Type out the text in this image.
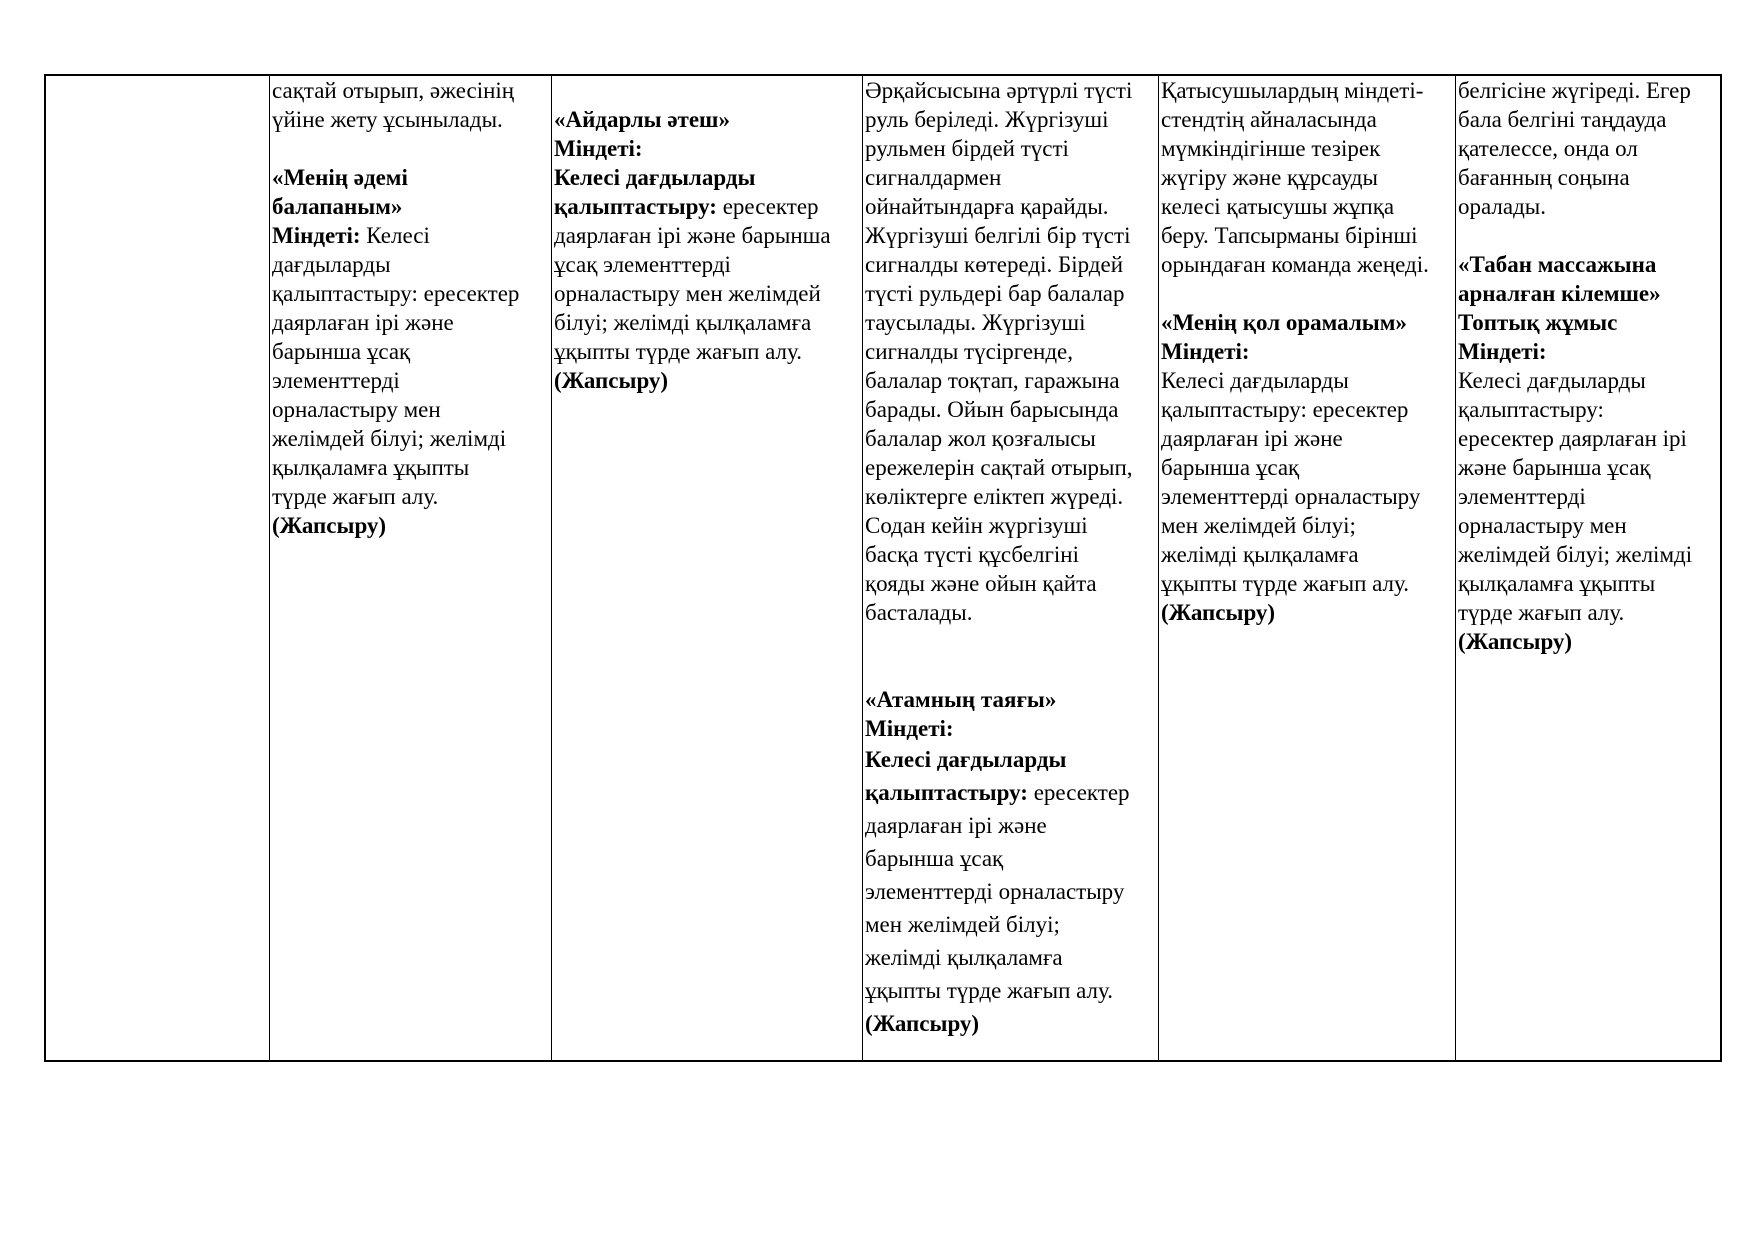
сақтай отырып, әжесінің
үйіне жету ұсынылады.

«Менің әдемі
балапаным»

Міндеті: Келесі
дағдыларды
қалыптастыру: ересектер
даярлаған ірі және
барынша ұсақ
элементтерді
орналастыру мен
желімдей білуі; желімді
қылқаламға ұқыпты
түрде жағып алу.

(Жапсыру)

«Айдарлы әтеш»

Міндеті:

Келесі дағдыларды
қалыптастыру: ересектер
даярлаған ірі және барынша
ұсақ элементтерді
орналастыру мен желімдей
білуі; желімді қылқаламға
ұқыпты түрде жағып алу.

(Жапсыру)

Әрқайсысына әртүрлі түсті
руль беріледі. Жүргізуші
рульмен бірдей түсті
сигналдармен
ойнайтындарға қарайды.
Жүргізуші белгілі бір түсті
сигналды көтереді. Бірдей
түсті рульдері бар балалар
таусылады. Жүргізуші
сигналды түсіргенде,
балалар тоқтап, гаражына
барады. Ойын барысында
балалар жол қозғалысы
ережелерін сақтай отырып,
көліктерге еліктеп жүреді.
Содан кейін жүргізуші
басқа түсті құсбелгіні
қояды және ойын қайта
басталады.

«Атамның таяғы»

Міндеті:

Келесі дағдыларды
қалыптастыру: ересектер
даярлаған ірі және
барынша ұсақ
элементтерді орналастыру
мен желімдей білуі;
желімді қылқаламға
ұқыпты түрде жағып алу.

(Жапсыру)

Қатысушылардың міндеті-
стендтің айналасында
мүмкіндігінше тезірек
жүгіру және құрсауды
келесі қатысушы жұпқа
беру. Тапсырманы бірінші
орындаған команда жеңеді.

«Менің қол орамалым»

Міндеті:

Келесі дағдыларды
қалыптастыру: ересектер
даярлаған ірі және
барынша ұсақ
элементтерді орналастыру
мен желімдей білуі;
желімді қылқаламға
ұқыпты түрде жағып алу.

(Жапсыру)

белгісіне жүгіреді. Егер
бала белгіні таңдауда
қателессе, онда ол
бағанның соңына
оралады.

«Табан массажына
арналған кілемше»

Топтық жұмыс

Міндеті:

Келесі дағдыларды
қалыптастыру:
ересектер даярлаған ірі
және барынша ұсақ
элементтерді
орналастыру мен
желімдей білуі; желімді
қылқаламға ұқыпты
түрде жағып алу.

(Жапсыру)
